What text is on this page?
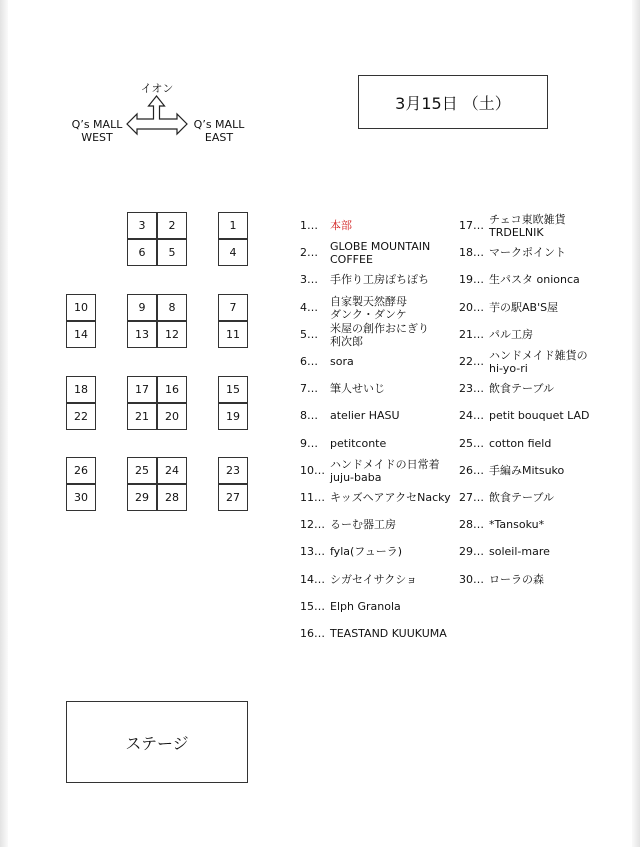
イオン
Q’s MALL
WEST
Q’s MALL
EAST
3月15日 （土）
3	2	1
6	5	4
10	9	8	7
14	13	12	11
18	17	16	15
22	21	20	19
26	25	24	23
30	29	28	27
1… 本部
2… GLOBE MOUNTAIN
COFFEE
3… 手作り工房ぽちぽち
4… 自家製天然酵母
ダンク・ダンケ
5… 米屋の創作おにぎり
利次郎
6… sora
7… 筆人せいじ
8… atelier HASU
9… petitconte
10… ハンドメイドの日常着
juju-baba
11… キッズヘアアクセNacky
12… るーむ器工房
13… fyla(フューラ)
14… シガセイサクショ
15… Elph Granola
16… TEASTAND KUUKUMA
17… チェコ東欧雑貨
TRDELNIK
18… マークポイント
19… 生パスタ onionca
20… 芋の駅AB'S屋
21… パル工房
22… ハンドメイド雑貨の
hi-yo-ri
23… 飲食テーブル
24… petit bouquet LAD
25… cotton field
26… 手編みMitsuko
27… 飲食テーブル
28… *Tansoku*
29… soleil-mare
30… ローラの森
ステージ
